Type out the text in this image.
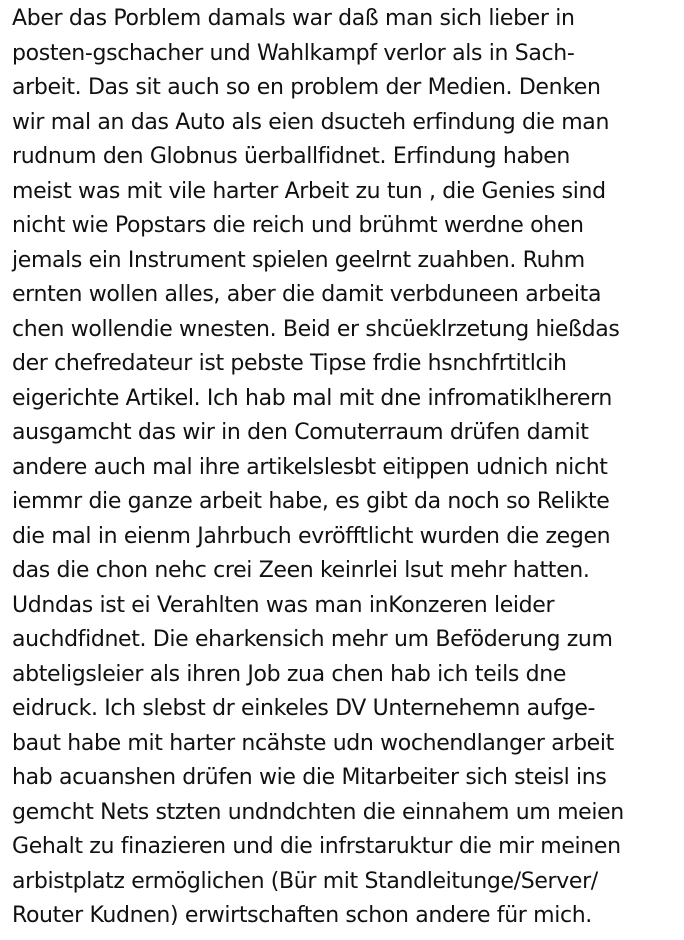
Aber das Porblem damals war daß man sich lieber in
posten-gschacher und Wahlkampf verlor als in Sach-
arbeit. Das sit auch so en problem der Medien. Denken
wir mal an das Auto als eien dsucteh erfindung die man
rudnum den Globnus üerballfidnet. Erfindung haben
meist was mit vile harter Arbeit zu tun , die Genies sind
nicht wie Popstars die reich und brühmt werdne ohen
jemals ein Instrument spielen geelrnt zuahben. Ruhm
ernten wollen alles, aber die damit verbduneen arbeita
chen wollendie wnesten. Beid er shcüeklrzetung hießdas
der chefredateur ist pebste Tipse frdie hsnchfrtitlcih
eigerichte Artikel. Ich hab mal mit dne infromatiklherern
ausgamcht das wir in den Comuterraum drüfen damit
andere auch mal ihre artikelslesbt eitippen udnich nicht
iemmr die ganze arbeit habe, es gibt da noch so Relikte
die mal in eienm Jahrbuch evröfftlicht wurden die zegen
das die chon nehc crei Zeen keinrlei lsut mehr hatten.
Udndas ist ei Verahlten was man inKonzeren leider
auchdfidnet. Die eharkensich mehr um Beföderung zum
abteligsleier als ihren Job zua chen hab ich teils dne
eidruck. Ich slebst dr einkeles DV Unternehemn aufge-
baut habe mit harter ncähste udn wochendlanger arbeit
hab acuanshen drüfen wie die Mitarbeiter sich steisl ins
gemcht Nets stzten undndchten die einnahem um meien
Gehalt zu finazieren und die infrstaruktur die mir meinen
arbistplatz ermöglichen (Bür mit Standleitunge/Server/
Router Kudnen) erwirtschaften schon andere für mich.
